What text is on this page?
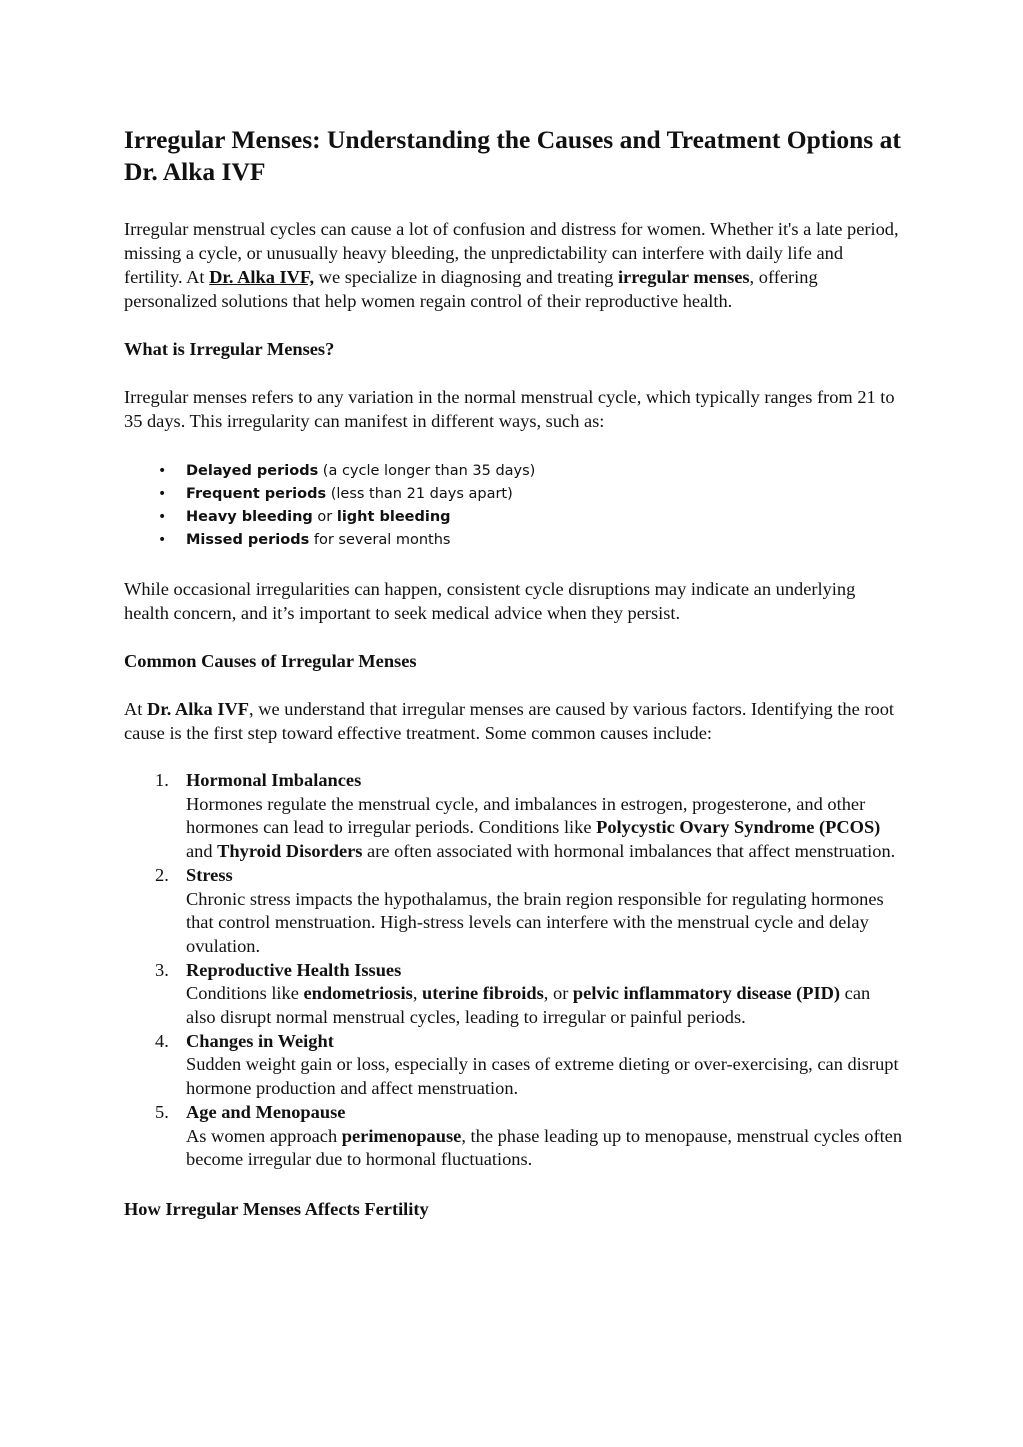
Irregular Menses: Understanding the Causes and Treatment Options at Dr. Alka IVF

Irregular menstrual cycles can cause a lot of confusion and distress for women. Whether it's a late period, missing a cycle, or unusually heavy bleeding, the unpredictability can interfere with daily life and fertility. At Dr. Alka IVF, we specialize in diagnosing and treating irregular menses, offering personalized solutions that help women regain control of their reproductive health.

What is Irregular Menses?

Irregular menses refers to any variation in the normal menstrual cycle, which typically ranges from 21 to 35 days. This irregularity can manifest in different ways, such as:

• Delayed periods (a cycle longer than 35 days)
• Frequent periods (less than 21 days apart)
• Heavy bleeding or light bleeding
• Missed periods for several months

While occasional irregularities can happen, consistent cycle disruptions may indicate an underlying health concern, and it’s important to seek medical advice when they persist.

Common Causes of Irregular Menses

At Dr. Alka IVF, we understand that irregular menses are caused by various factors. Identifying the root cause is the first step toward effective treatment. Some common causes include:

1. Hormonal Imbalances
Hormones regulate the menstrual cycle, and imbalances in estrogen, progesterone, and other hormones can lead to irregular periods. Conditions like Polycystic Ovary Syndrome (PCOS) and Thyroid Disorders are often associated with hormonal imbalances that affect menstruation.
2. Stress
Chronic stress impacts the hypothalamus, the brain region responsible for regulating hormones that control menstruation. High-stress levels can interfere with the menstrual cycle and delay ovulation.
3. Reproductive Health Issues
Conditions like endometriosis, uterine fibroids, or pelvic inflammatory disease (PID) can also disrupt normal menstrual cycles, leading to irregular or painful periods.
4. Changes in Weight
Sudden weight gain or loss, especially in cases of extreme dieting or over-exercising, can disrupt hormone production and affect menstruation.
5. Age and Menopause
As women approach perimenopause, the phase leading up to menopause, menstrual cycles often become irregular due to hormonal fluctuations.

How Irregular Menses Affects Fertility
